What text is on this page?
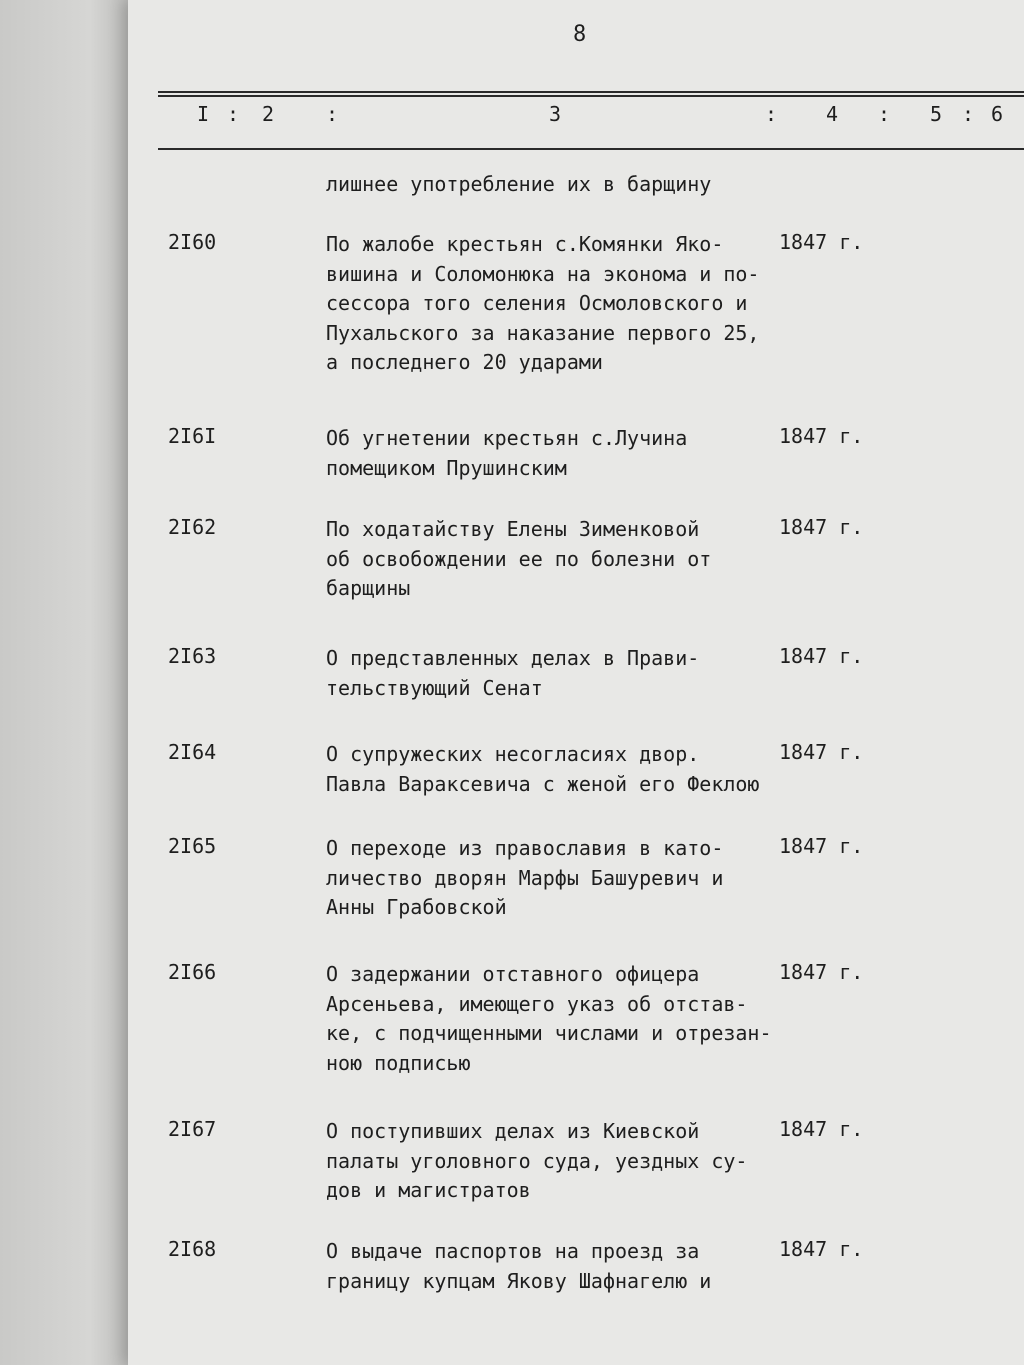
8
I : 2	:	3	: 4 : 5 : 6
лишнее употребление их в барщину
2I60	По жалобе крестьян с.Комянки Яко-
вишина и Соломонюка на эконома и по-
сессора того селения Осмоловского и
Пухальского за наказание первого 25,
а последнего 20 ударами
1847 г.
2I6I	Об угнетении крестьян с.Лучина
помещиком Прушинским
1847 г.
2I62	По ходатайству Елены Зименковой
об освобождении ее по болезни от
барщины
1847 г.
2I63	О представленных делах в Прави-
тельствующий Сенат
1847 г.
2I64	О супружеских несогласиях двор.
Павла Вараксевича с женой его Феклою
1847 г.
2I65	О переходе из православия в като-
личество дворян Марфы Башуревич и
Анны Грабовской
1847 г.
2I66	О задержании отставного офицера
Арсеньева, имеющего указ об отстав-
ке, с подчищенными числами и отрезан-
ною подписью
1847 г.
2I67	О поступивших делах из Киевской
палаты уголовного суда, уездных су-
дов и магистратов
1847 г.
2I68	О выдаче паспортов на проезд за
границу купцам Якову Шафнагелю и
1847 г.
